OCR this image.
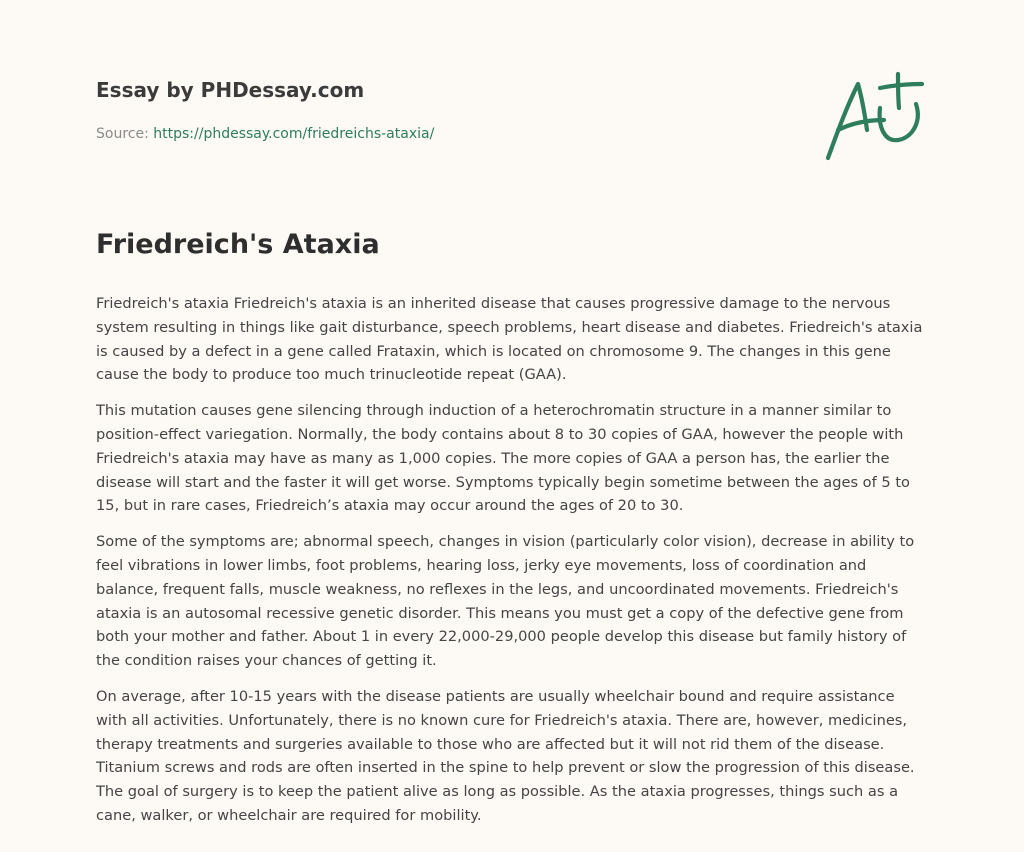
Essay by PHDessay.com
Source: https://phdessay.com/friedreichs-ataxia/
Friedreich's Ataxia

Friedreich's ataxia Friedreich's ataxia is an inherited disease that causes progressive damage to the nervous system resulting in things like gait disturbance, speech problems, heart disease and diabetes. Friedreich's ataxia is caused by a defect in a gene called Frataxin, which is located on chromosome 9. The changes in this gene cause the body to produce too much trinucleotide repeat (GAA).

This mutation causes gene silencing through induction of a heterochromatin structure in a manner similar to position-effect variegation. Normally, the body contains about 8 to 30 copies of GAA, however the people with Friedreich's ataxia may have as many as 1,000 copies. The more copies of GAA a person has, the earlier the disease will start and the faster it will get worse. Symptoms typically begin sometime between the ages of 5 to 15, but in rare cases, Friedreich’s ataxia may occur around the ages of 20 to 30.

Some of the symptoms are; abnormal speech, changes in vision (particularly color vision), decrease in ability to feel vibrations in lower limbs, foot problems, hearing loss, jerky eye movements, loss of coordination and balance, frequent falls, muscle weakness, no reflexes in the legs, and uncoordinated movements. Friedreich's ataxia is an autosomal recessive genetic disorder. This means you must get a copy of the defective gene from both your mother and father. About 1 in every 22,000-29,000 people develop this disease but family history of the condition raises your chances of getting it.

On average, after 10-15 years with the disease patients are usually wheelchair bound and require assistance with all activities. Unfortunately, there is no known cure for Friedreich's ataxia. There are, however, medicines, therapy treatments and surgeries available to those who are affected but it will not rid them of the disease. Titanium screws and rods are often inserted in the spine to help prevent or slow the progression of this disease. The goal of surgery is to keep the patient alive as long as possible. As the ataxia progresses, things such as a cane, walker, or wheelchair are required for mobility.
